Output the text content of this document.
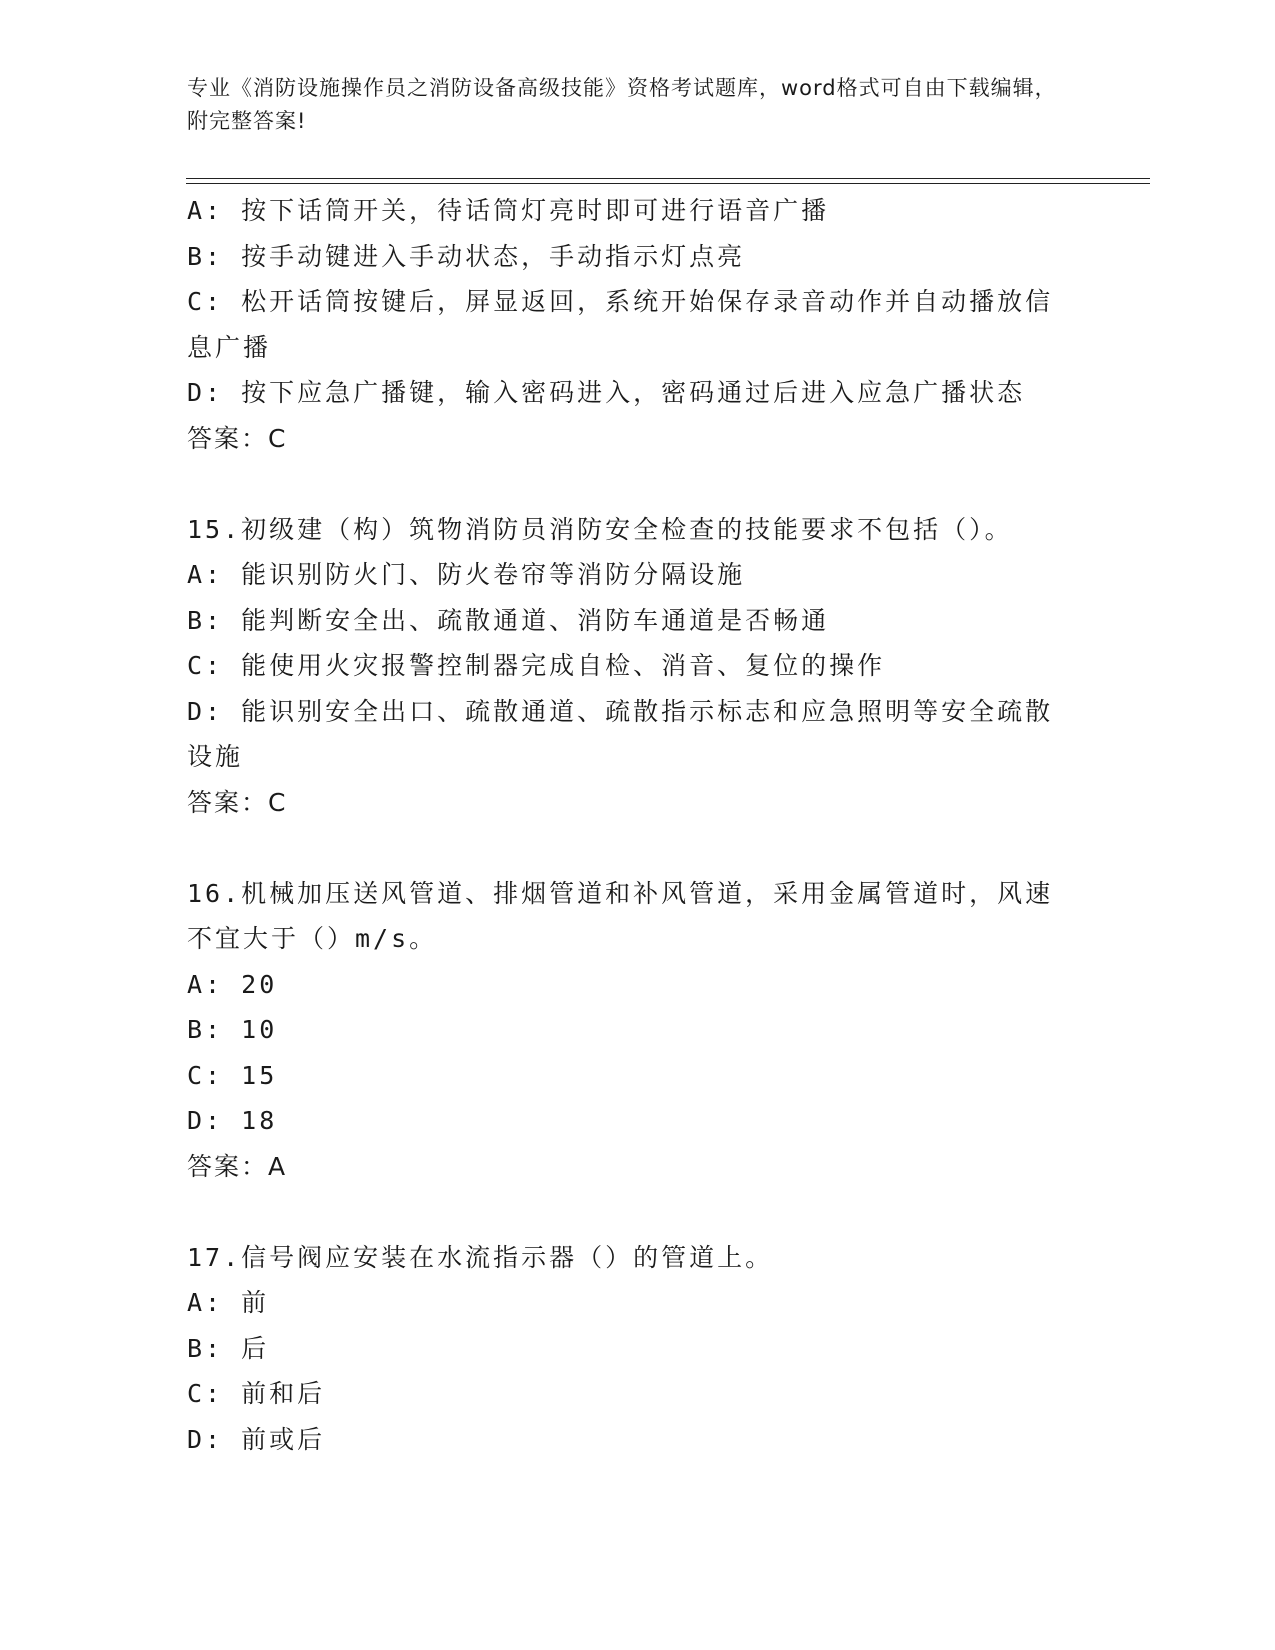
专业《消防设施操作员之消防设备高级技能》资格考试题库，word格式可自由下载编辑，附完整答案!

A: 按下话筒开关，待话筒灯亮时即可进行语音广播

B: 按手动键进入手动状态，手动指示灯点亮

C: 松开话筒按键后，屏显返回，系统开始保存录音动作并自动播放信息广播

D: 按下应急广播键，输入密码进入，密码通过后进入应急广播状态

答案：C

15.初级建（构）筑物消防员消防安全检查的技能要求不包括（）。

A: 能识别防火门、防火卷帘等消防分隔设施

B: 能判断安全出、疏散通道、消防车通道是否畅通

C: 能使用火灾报警控制器完成自检、消音、复位的操作

D: 能识别安全出口、疏散通道、疏散指示标志和应急照明等安全疏散设施

答案：C

16.机械加压送风管道、排烟管道和补风管道，采用金属管道时，风速不宜大于（）m/s。

A: 20

B: 10

C: 15

D: 18

答案：A

17.信号阀应安装在水流指示器（）的管道上。

A: 前

B: 后

C: 前和后

D: 前或后
